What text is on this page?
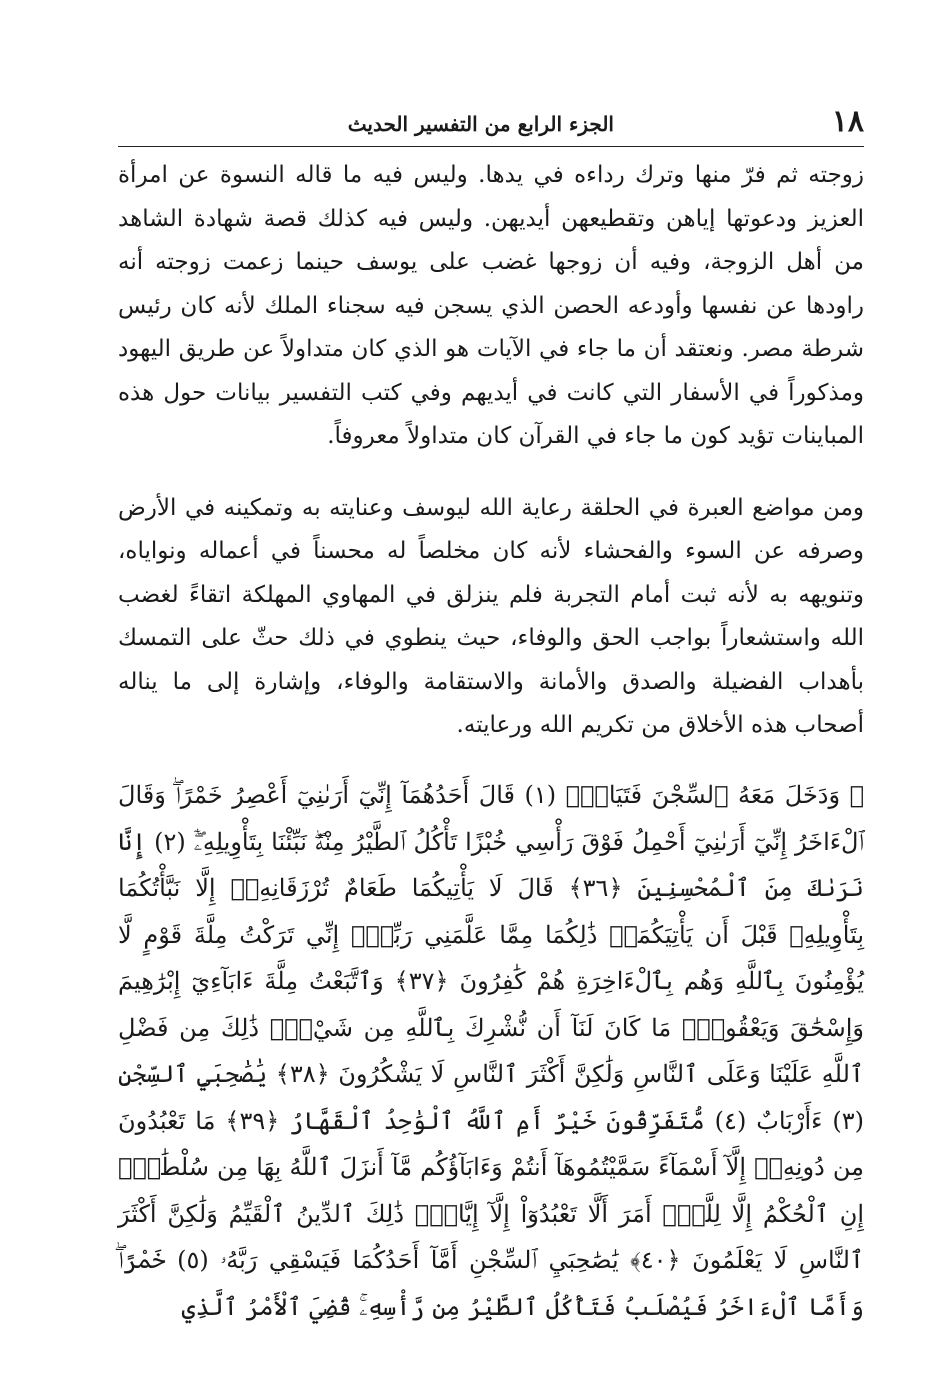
١٨
الجزء الرابع من التفسير الحديث

زوجته ثم فرّ منها وترك رداءه في يدها. وليس فيه ما قاله النسوة عن امرأة العزيز ودعوتها إياهن وتقطيعهن أيديهن. وليس فيه كذلك قصة شهادة الشاهد من أهل الزوجة، وفيه أن زوجها غضب على يوسف حينما زعمت زوجته أنه راودها عن نفسها وأودعه الحصن الذي يسجن فيه سجناء الملك لأنه كان رئيس شرطة مصر. ونعتقد أن ما جاء في الآيات هو الذي كان متداولاً عن طريق اليهود ومذكوراً في الأسفار التي كانت في أيديهم وفي كتب التفسير بيانات حول هذه المباينات تؤيد كون ما جاء في القرآن كان متداولاً معروفاً.

ومن مواضع العبرة في الحلقة رعاية الله ليوسف وعنايته به وتمكينه في الأرض وصرفه عن السوء والفحشاء لأنه كان مخلصاً له محسناً في أعماله ونواياه، وتنويهه به لأنه ثبت أمام التجربة فلم ينزلق في المهاوي المهلكة اتقاءً لغضب الله واستشعاراً بواجب الحق والوفاء، حيث ينطوي في ذلك حثّ على التمسك بأهداب الفضيلة والصدق والأمانة والاستقامة والوفاء، وإشارة إلى ما يناله أصحاب هذه الأخلاق من تكريم الله ورعايته.

﴿ وَدَخَلَ مَعَهُ ٱلسِّجْنَ فَتَيَانِۖ (١) قَالَ أَحَدُهُمَآ إِنِّيٓ أَرَىٰنِيٓ أَعْصِرُ خَمْرًاۖ وَقَالَ ٱلْءَاخَرُ إِنِّيٓ أَرَىٰنِيٓ أَحْمِلُ فَوْقَ رَأْسِي خُبْزًا تَأْكُلُ ٱلطَّيْرُ مِنْهُۖ نَبِّئْنَا بِتَأْوِيلِهِۦٓۖ (٢) إِنَّا نَرَىٰكَ مِنَ ٱلْمُحْسِنِينَ ﴿٣٦﴾ قَالَ لَا يَأْتِيكُمَا طَعَامٌ تُرْزَقَانِهِۦٓ إِلَّا نَبَّأْتُكُمَا بِتَأْوِيلِهِۦ قَبْلَ أَن يَأْتِيَكُمَاۚ ذَٰلِكُمَا مِمَّا عَلَّمَنِي رَبِّيٓۚ إِنِّي تَرَكْتُ مِلَّةَ قَوْمٍ لَّا يُؤْمِنُونَ بِٱللَّهِ وَهُم بِٱلْءَاخِرَةِ هُمْ كَٰفِرُونَ ﴿٣٧﴾ وَٱتَّبَعْتُ مِلَّةَ ءَابَآءِيٓ إِبْرَٰهِيمَ وَإِسْحَٰقَ وَيَعْقُوبَۚ مَا كَانَ لَنَآ أَن نُّشْرِكَ بِٱللَّهِ مِن شَيْءٍۚ ذَٰلِكَ مِن فَضْلِ ٱللَّهِ عَلَيْنَا وَعَلَى ٱلنَّاسِ وَلَٰكِنَّ أَكْثَرَ ٱلنَّاسِ لَا يَشْكُرُونَ ﴿٣٨﴾ يَٰصَٰحِبَيِ ٱلسِّجْنِ (٣) ءَأَرْبَابٌ (٤) مُّتَفَرِّقُونَ خَيْرٌ أَمِ ٱللَّهُ ٱلْوَٰحِدُ ٱلْقَهَّارُ ﴿٣٩﴾ مَا تَعْبُدُونَ مِن دُونِهِۦٓ إِلَّآ أَسْمَآءً سَمَّيْتُمُوهَآ أَنتُمْ وَءَابَآؤُكُم مَّآ أَنزَلَ ٱللَّهُ بِهَا مِن سُلْطَٰنٍۚ إِنِ ٱلْحُكْمُ إِلَّا لِلَّهِۚ أَمَرَ أَلَّا تَعْبُدُوٓاْ إِلَّآ إِيَّاهُۚ ذَٰلِكَ ٱلدِّينُ ٱلْقَيِّمُ وَلَٰكِنَّ أَكْثَرَ ٱلنَّاسِ لَا يَعْلَمُونَ ﴿٤٠﴾ يَٰصَٰحِبَيِ ٱلسِّجْنِ أَمَّآ أَحَدُكُمَا فَيَسْقِي رَبَّهُۥ (٥) خَمْرًاۖ وَأَمَّا ٱلْءَاخَرُ فَيُصْلَبُ فَتَأْكُلُ ٱلطَّيْرُ مِن رَّأْسِهِۦۚ قُضِيَ ٱلْأَمْرُ ٱلَّذِي
